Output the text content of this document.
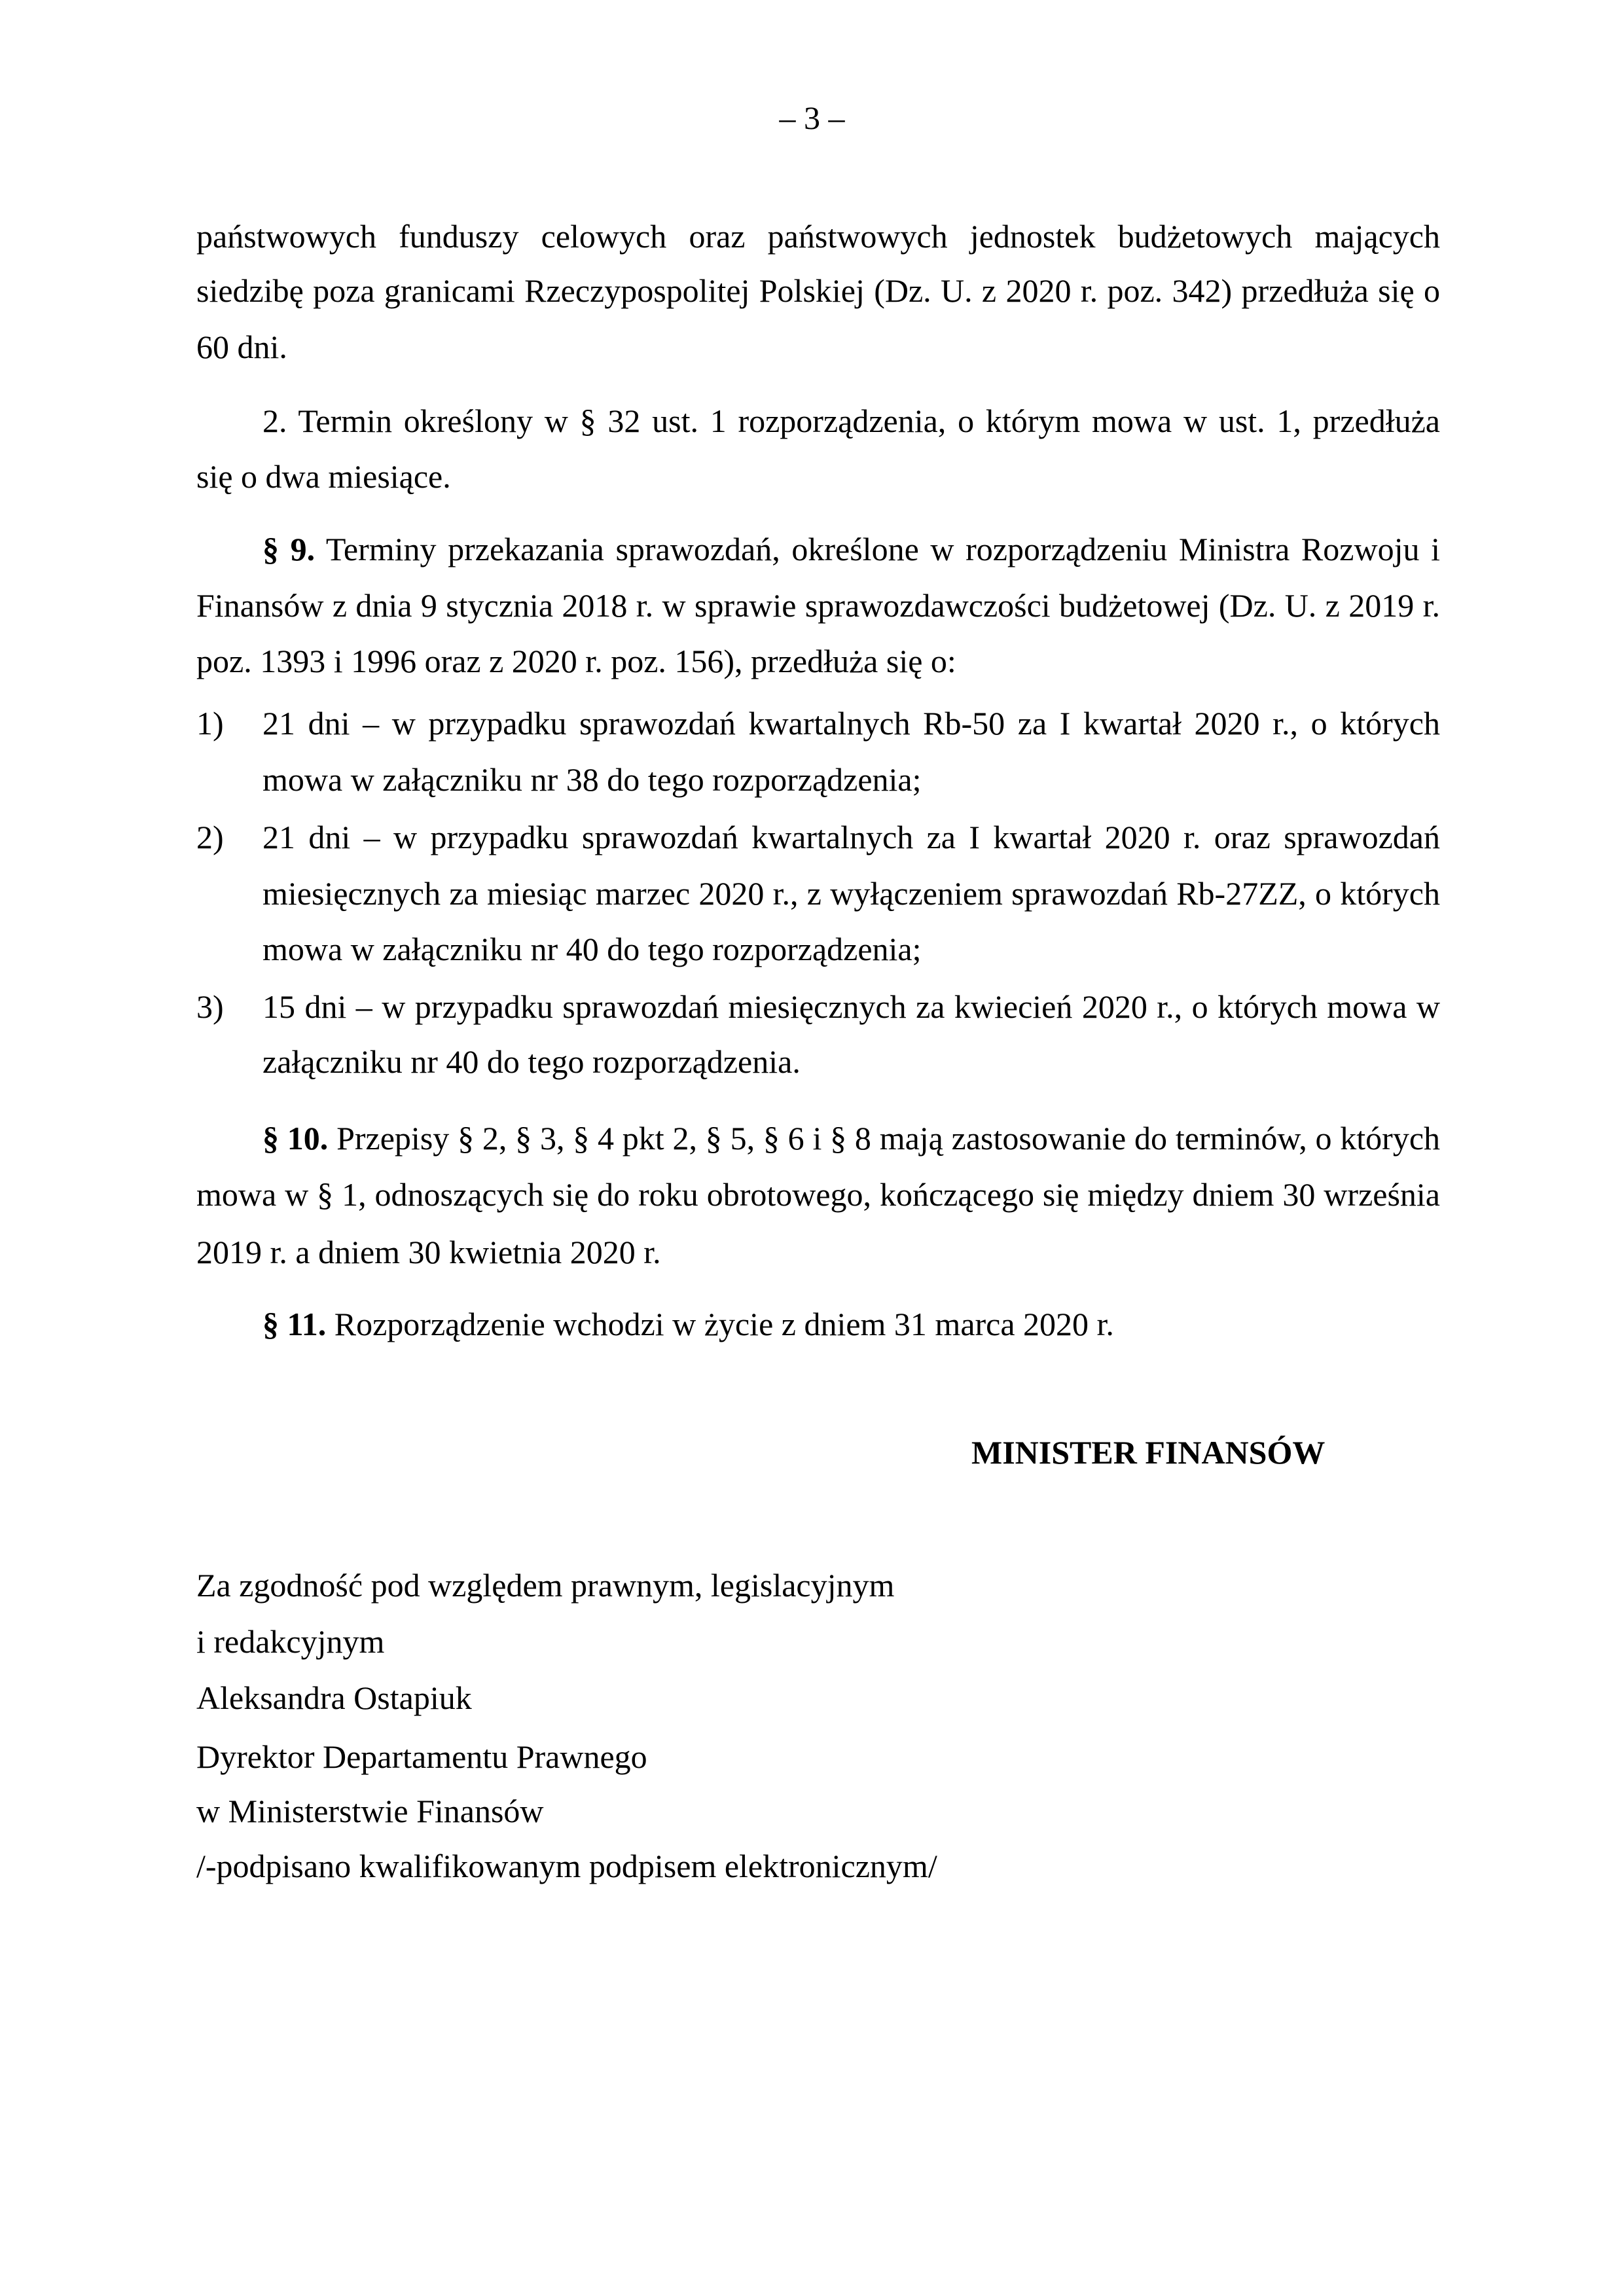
– 3 –
państwowych funduszy celowych oraz państwowych jednostek budżetowych mających
siedzibę poza granicami Rzeczypospolitej Polskiej (Dz. U. z 2020 r. poz. 342) przedłuża się o
60 dni.
2. Termin określony w § 32 ust. 1 rozporządzenia, o którym mowa w ust. 1, przedłuża
się o dwa miesiące.
§ 9. Terminy przekazania sprawozdań, określone w rozporządzeniu Ministra Rozwoju i
Finansów z dnia 9 stycznia 2018 r. w sprawie sprawozdawczości budżetowej (Dz. U. z 2019 r.
poz. 1393 i 1996 oraz z 2020 r. poz. 156), przedłuża się o:
1)	21 dni – w przypadku sprawozdań kwartalnych Rb-50 za I kwartał 2020 r., o których
mowa w załączniku nr 38 do tego rozporządzenia;
2)	21 dni – w przypadku sprawozdań kwartalnych za I kwartał 2020 r. oraz sprawozdań
miesięcznych za miesiąc marzec 2020 r., z wyłączeniem sprawozdań Rb-27ZZ, o których
mowa w załączniku nr 40 do tego rozporządzenia;
3)	15 dni – w przypadku sprawozdań miesięcznych za kwiecień 2020 r., o których mowa w
załączniku nr 40 do tego rozporządzenia.
§ 10. Przepisy § 2, § 3, § 4 pkt 2, § 5, § 6 i § 8 mają zastosowanie do terminów, o których
mowa w § 1, odnoszących się do roku obrotowego, kończącego się między dniem 30 września
2019 r. a dniem 30 kwietnia 2020 r.
§ 11. Rozporządzenie wchodzi w życie z dniem 31 marca 2020 r.
MINISTER FINANSÓW
Za zgodność pod względem prawnym, legislacyjnym
i redakcyjnym
Aleksandra Ostapiuk
Dyrektor Departamentu Prawnego
w Ministerstwie Finansów
/-podpisano kwalifikowanym podpisem elektronicznym/
